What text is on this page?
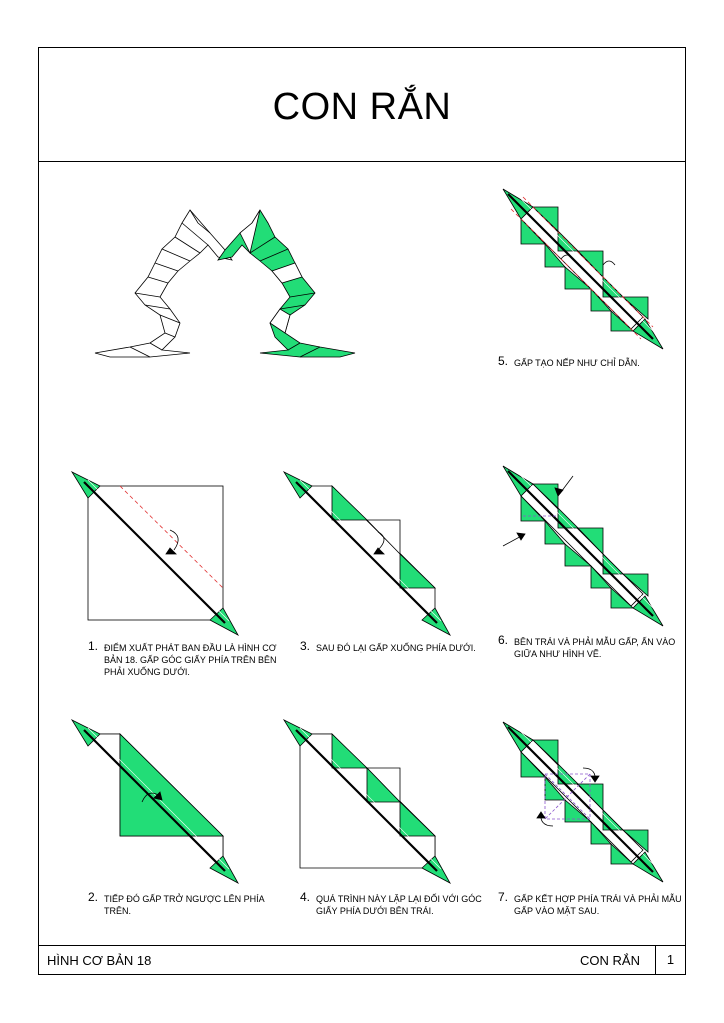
CON RẮN
HÌNH CƠ BẢN 18	CON RẮN	1
5. GẤP TẠO NẾP NHƯ CHỈ DẪN.
1. ĐIỂM XUẤT PHÁT BAN ĐẦU LÀ HÌNH CƠ BẢN 18. GẤP GÓC GIẤY PHÍA TRÊN BÊN PHẢI XUỐNG DƯỚI.
3. SAU ĐÓ LẠI GẤP XUỐNG PHÍA DƯỚI.
6. BÊN TRÁI VÀ PHẢI MẪU GẤP, ẤN VÀO GIỮA NHƯ HÌNH VẼ.
2. TIẾP ĐÓ GẤP TRỞ NGƯỢC LÊN PHÍA TRÊN.
4. QUÁ TRÌNH NÀY LẶP LẠI ĐỐI VỚI GÓC GIẤY PHÍA DƯỚI BÊN TRÁI.
7. GẤP KẾT HỢP PHÍA TRÁI VÀ PHẢI MẪU GẤP VÀO MẶT SAU.
